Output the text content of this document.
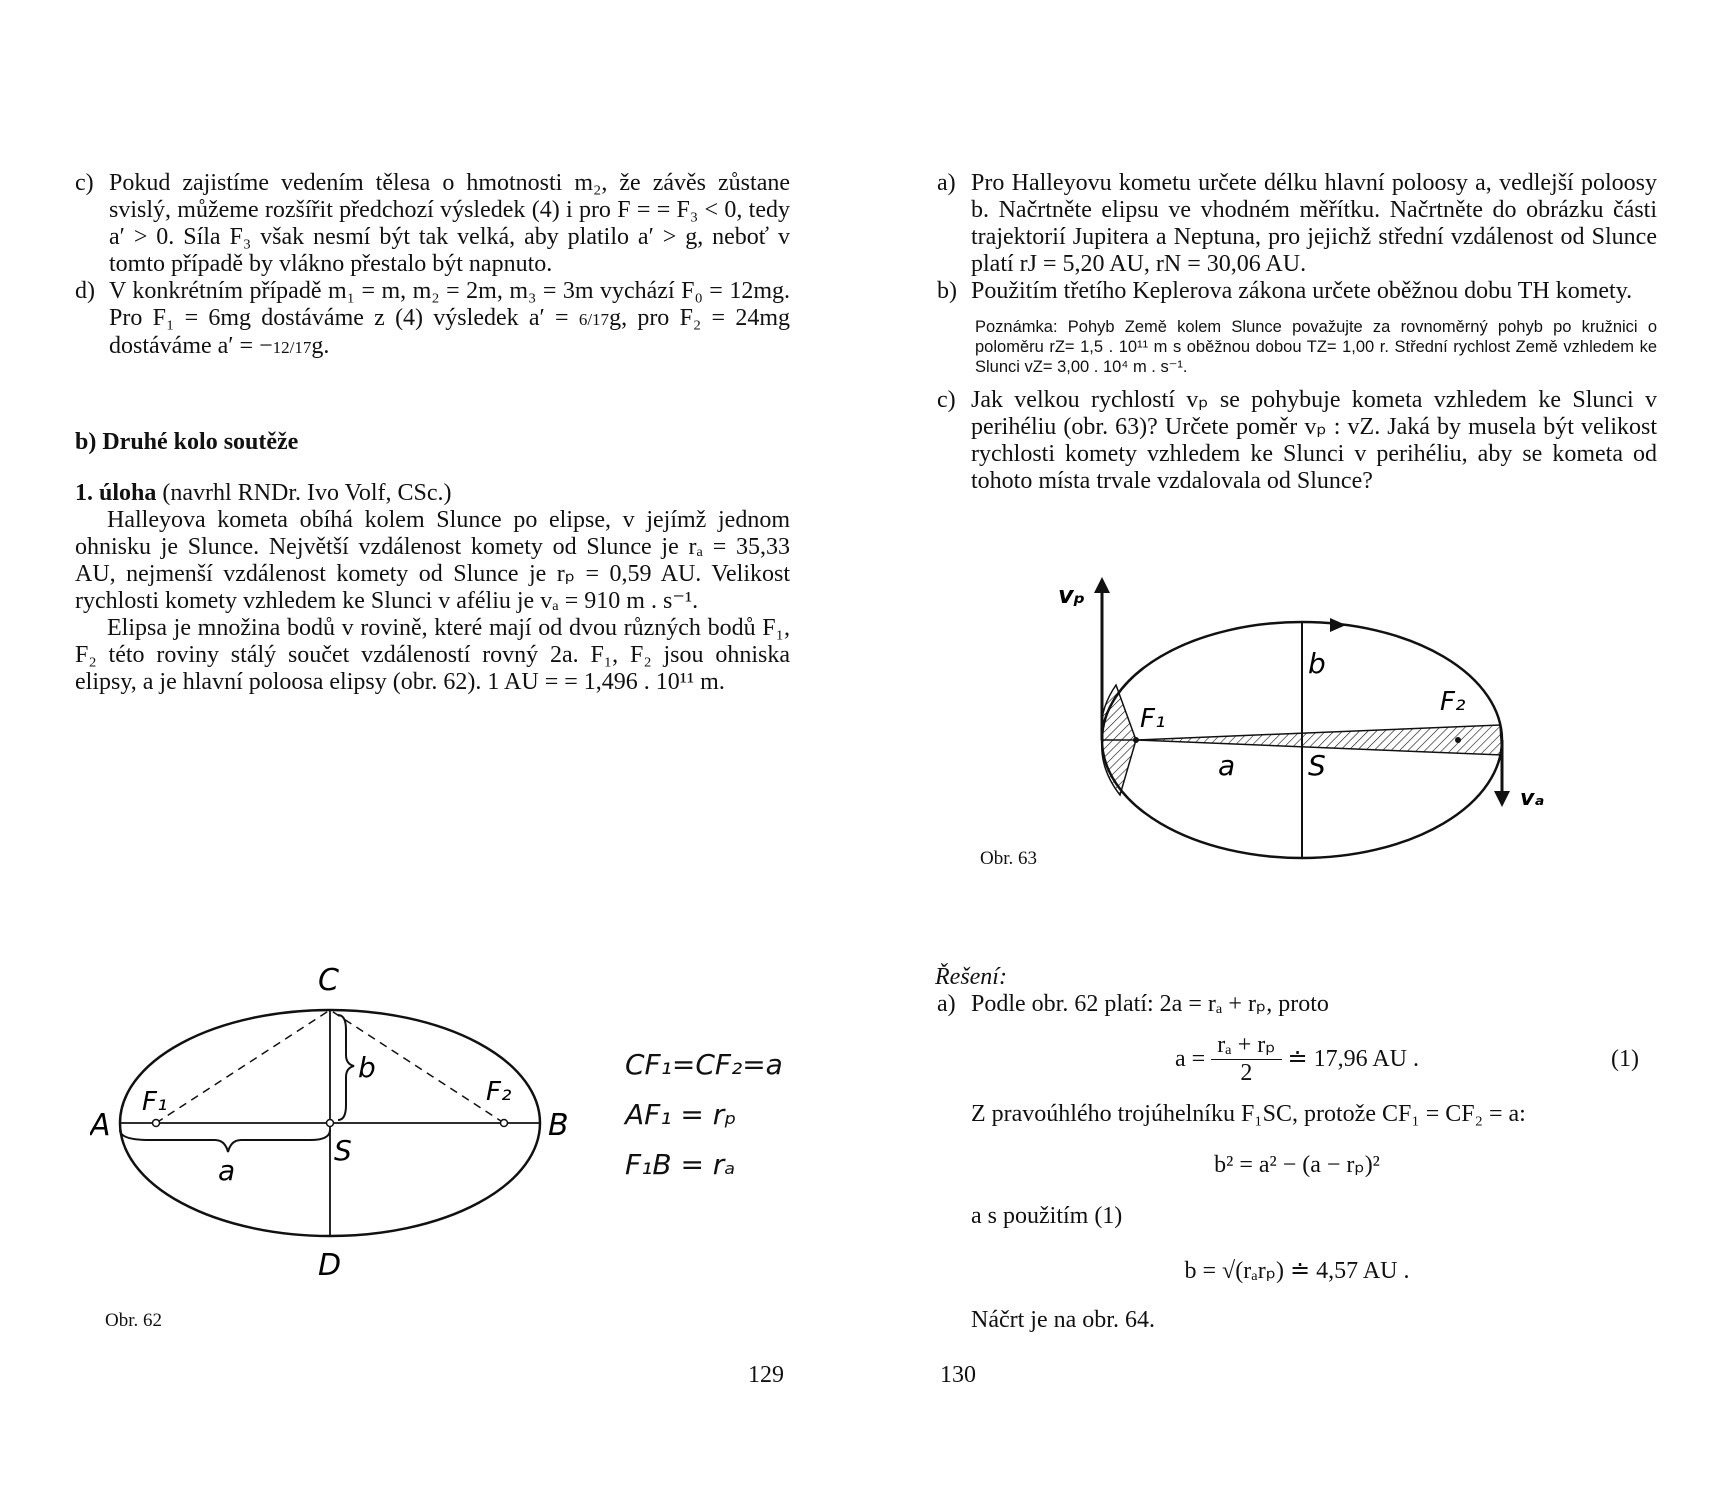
c) Pokud zajistíme vedením tělesa o hmotnosti m₂, že závěs zůstane svislý, můžeme rozšířit předchozí výsledek (4) i pro F = = F₃ < 0, tedy a′ > 0. Síla F₃ však nesmí být tak velká, aby platilo a′ > g, neboť v tomto případě by vlákno přestalo být napnuto.
d) V konkrétním případě m₁ = m, m₂ = 2m, m₃ = 3m vychází F₀ = 12mg. Pro F₁ = 6mg dostáváme z (4) výsledek a′ = 6/17g, pro F₂ = 24mg dostáváme a′ = −12/17g.
b) Druhé kolo soutěže
1. úloha (navrhl RNDr. Ivo Volf, CSc.)
Halleyova kometa obíhá kolem Slunce po elipse, v jejímž jednom ohnisku je Slunce. Největší vzdálenost komety od Slunce je rₐ = 35,33 AU, nejmenší vzdálenost komety od Slunce je rₚ = 0,59 AU. Velikost rychlosti komety vzhledem ke Slunci v aféliu je vₐ = 910 m . s⁻¹.
Elipsa je množina bodů v rovině, které mají od dvou různých bodů F₁, F₂ této roviny stálý součet vzdáleností rovný 2a. F₁, F₂ jsou ohniska elipsy, a je hlavní poloosa elipsy (obr. 62). 1 AU = = 1,496 . 10¹¹ m.
a) Pro Halleyovu kometu určete délku hlavní poloosy a, vedlejší poloosy b. Načrtněte elipsu ve vhodném měřítku. Načrtněte do obrázku části trajektorií Jupitera a Neptuna, pro jejichž střední vzdálenost od Slunce platí rJ = 5,20 AU, rN = 30,06 AU.
b) Použitím třetího Keplerova zákona určete oběžnou dobu TH komety.
Poznámka: Pohyb Země kolem Slunce považujte za rovnoměrný pohyb po kružnici o poloměru rZ= 1,5 . 10¹¹ m s oběžnou dobou TZ= 1,00 r. Střední rychlost Země vzhledem ke Slunci vZ= 3,00 . 10⁴ m . s⁻¹.
c) Jak velkou rychlostí vₚ se pohybuje kometa vzhledem ke Slunci v perihéliu (obr. 63)? Určete poměr vₚ : vZ. Jaká by musela být velikost rychlosti komety vzhledem ke Slunci v perihéliu, aby se kometa od tohoto místa trvale vzdalovala od Slunce?
vₚ
vₐ
b
a	S
F₁
F₂
Obr. 63
C
D
A	B
S
a
b
F₁	F₂
CF₁=CF₂=a
AF₁ = rₚ
F₁B = rₐ
Obr. 62
Řešení:
a) Podle obr. 62 platí: 2a = rₐ + rₚ, proto
$a = \frac{\text{rₐ + rₚ}}{2}$ ≐ 17,96 AU .	(1)
Z pravoúhlého trojúhelníku F₁SC, protože CF₁ = CF₂ = a:
b² = a² − (a − rₚ)²
a s použitím (1)
b = √(rₐrₚ) ≐ 4,57 AU .
Náčrt je na obr. 64.
129	130
